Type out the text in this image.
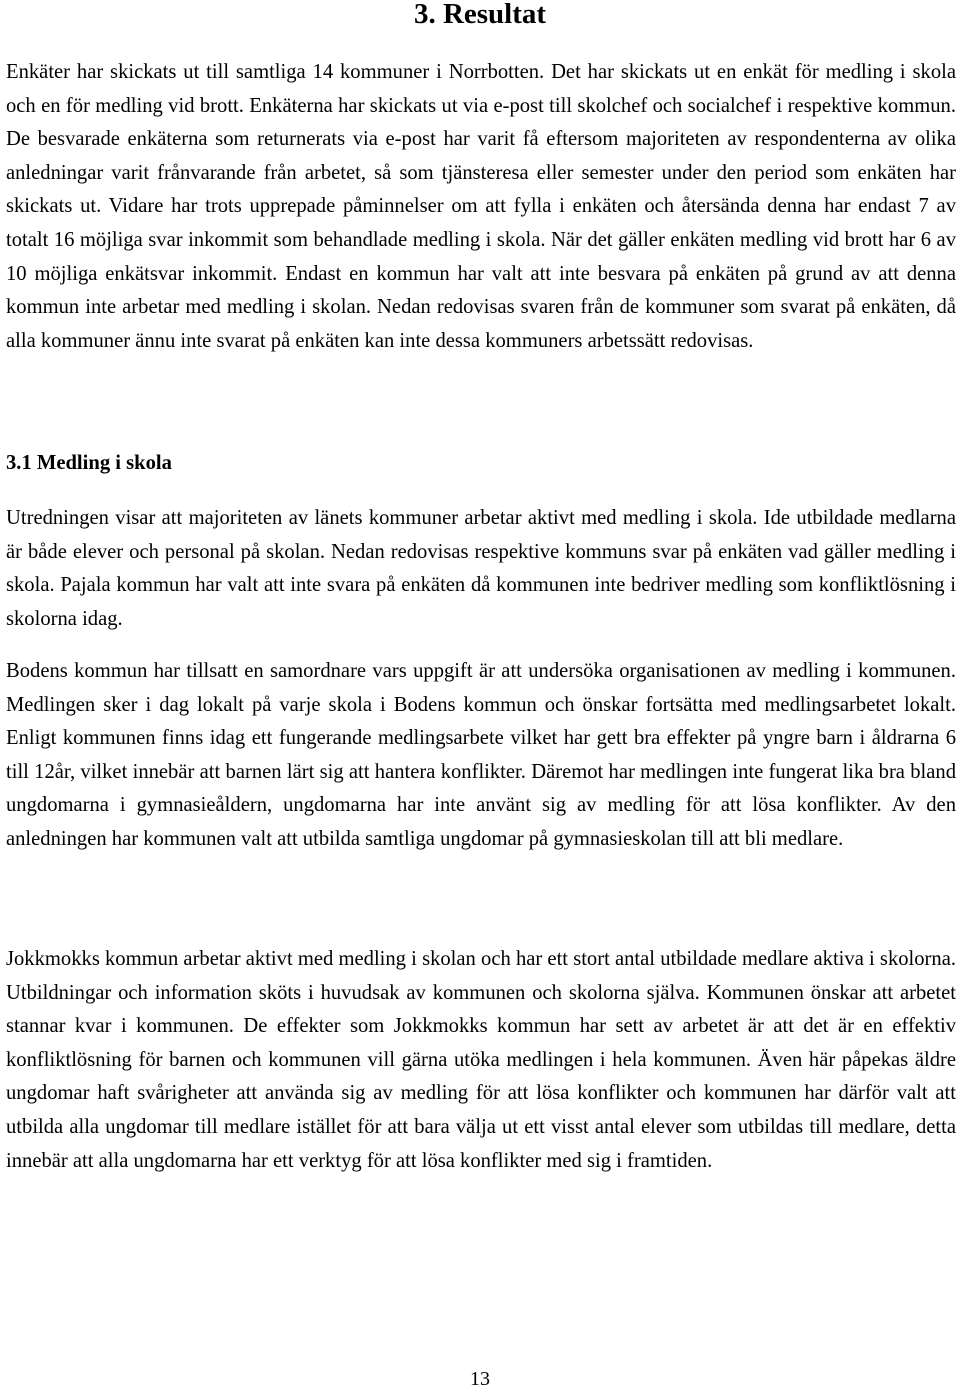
3. Resultat

Enkäter har skickats ut till samtliga 14 kommuner i Norrbotten. Det har skickats ut en enkät för medling i skola och en för medling vid brott. Enkäterna har skickats ut via e-post till skolchef och socialchef i respektive kommun. De besvarade enkäterna som returnerats via e-post har varit få eftersom majoriteten av respondenterna av olika anledningar varit frånvarande från arbetet, så som tjänsteresa eller semester under den period som enkäten har skickats ut. Vidare har trots upprepade påminnelser om att fylla i enkäten och återsända denna har endast 7 av totalt 16 möjliga svar inkommit som behandlade medling i skola. När det gäller enkäten medling vid brott har 6 av 10 möjliga enkätsvar inkommit. Endast en kommun har valt att inte besvara på enkäten på grund av att denna kommun inte arbetar med medling i skolan. Nedan redovisas svaren från de kommuner som svarat på enkäten, då alla kommuner ännu inte svarat på enkäten kan inte dessa kommuners arbetssätt redovisas.

3.1 Medling i skola

Utredningen visar att majoriteten av länets kommuner arbetar aktivt med medling i skola. Ide utbildade medlarna är både elever och personal på skolan. Nedan redovisas respektive kommuns svar på enkäten vad gäller medling i skola. Pajala kommun har valt att inte svara på enkäten då kommunen inte bedriver medling som konfliktlösning i skolorna idag.

Bodens kommun har tillsatt en samordnare vars uppgift är att undersöka organisationen av medling i kommunen. Medlingen sker i dag lokalt på varje skola i Bodens kommun och önskar fortsätta med medlingsarbetet lokalt. Enligt kommunen finns idag ett fungerande medlingsarbete vilket har gett bra effekter på yngre barn i åldrarna 6 till 12år, vilket innebär att barnen lärt sig att hantera konflikter. Däremot har medlingen inte fungerat lika bra bland ungdomarna i gymnasieåldern, ungdomarna har inte använt sig av medling för att lösa konflikter. Av den anledningen har kommunen valt att utbilda samtliga ungdomar på gymnasieskolan till att bli medlare.

Jokkmokks kommun arbetar aktivt med medling i skolan och har ett stort antal utbildade medlare aktiva i skolorna. Utbildningar och information sköts i huvudsak av kommunen och skolorna själva. Kommunen önskar att arbetet stannar kvar i kommunen. De effekter som Jokkmokks kommun har sett av arbetet är att det är en effektiv konfliktlösning för barnen och kommunen vill gärna utöka medlingen i hela kommunen. Även här påpekas äldre ungdomar haft svårigheter att använda sig av medling för att lösa konflikter och kommunen har därför valt att utbilda alla ungdomar till medlare istället för att bara välja ut ett visst antal elever som utbildas till medlare, detta innebär att alla ungdomarna har ett verktyg för att lösa konflikter med sig i framtiden.

13
